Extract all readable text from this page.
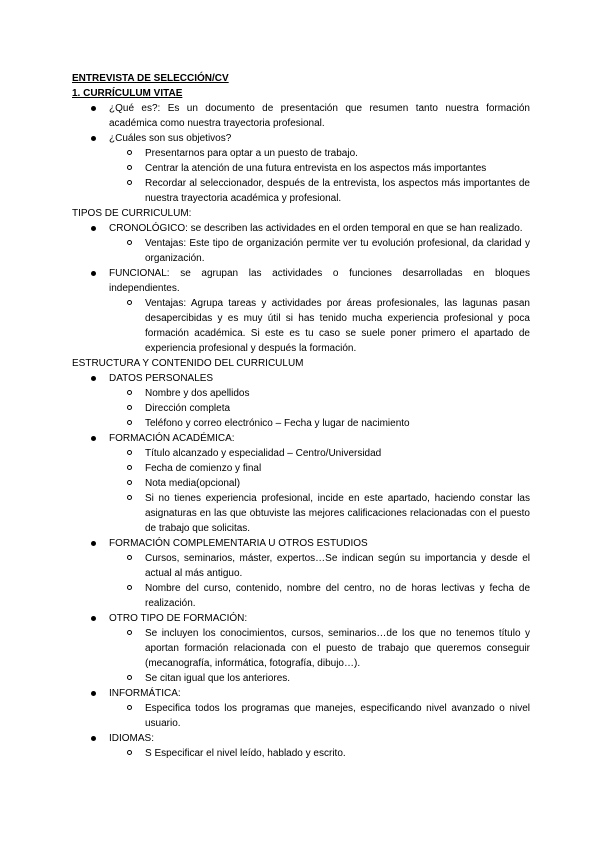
ENTREVISTA DE SELECCIÓN/CV

1. CURRÍCULUM VITAE

¿Qué es?: Es un documento de presentación que resumen tanto nuestra formación académica como nuestra trayectoria profesional.
¿Cuáles son sus objetivos?
Presentarnos para optar a un puesto de trabajo.
Centrar la atención de una futura entrevista en los aspectos más importantes
Recordar al seleccionador, después de la entrevista, los aspectos más importantes de nuestra trayectoria académica y profesional.

TIPOS DE CURRICULUM:

CRONOLÓGICO: se describen las actividades en el orden temporal en que se han realizado.
Ventajas: Este tipo de organización permite ver tu evolución profesional, da claridad y organización.
FUNCIONAL: se agrupan las actividades o funciones desarrolladas en bloques independientes.
Ventajas: Agrupa tareas y actividades por áreas profesionales, las lagunas pasan desapercibidas y es muy útil si has tenido mucha experiencia profesional y poca formación académica. Si este es tu caso se suele poner primero el apartado de experiencia profesional y después la formación.

ESTRUCTURA Y CONTENIDO DEL CURRICULUM

DATOS PERSONALES
Nombre y dos apellidos
Dirección completa
Teléfono y correo electrónico – Fecha y lugar de nacimiento
FORMACIÓN ACADÉMICA:
Título alcanzado y especialidad – Centro/Universidad
Fecha de comienzo y final
Nota media(opcional)
Si no tienes experiencia profesional, incide en este apartado, haciendo constar las asignaturas en las que obtuviste las mejores calificaciones relacionadas con el puesto de trabajo que solicitas.
FORMACIÓN COMPLEMENTARIA U OTROS ESTUDIOS
Cursos, seminarios, máster, expertos…Se indican según su importancia y desde el actual al más antiguo.
Nombre del curso, contenido, nombre del centro, no de horas lectivas y fecha de realización.
OTRO TIPO DE FORMACIÓN:
Se incluyen los conocimientos, cursos, seminarios…de los que no tenemos título y aportan formación relacionada con el puesto de trabajo que queremos conseguir (mecanografía, informática, fotografía, dibujo…).
Se citan igual que los anteriores.
INFORMÁTICA:
Especifica todos los programas que manejes, especificando nivel avanzado o nivel usuario.
IDIOMAS:
S Especificar el nivel leído, hablado y escrito.
